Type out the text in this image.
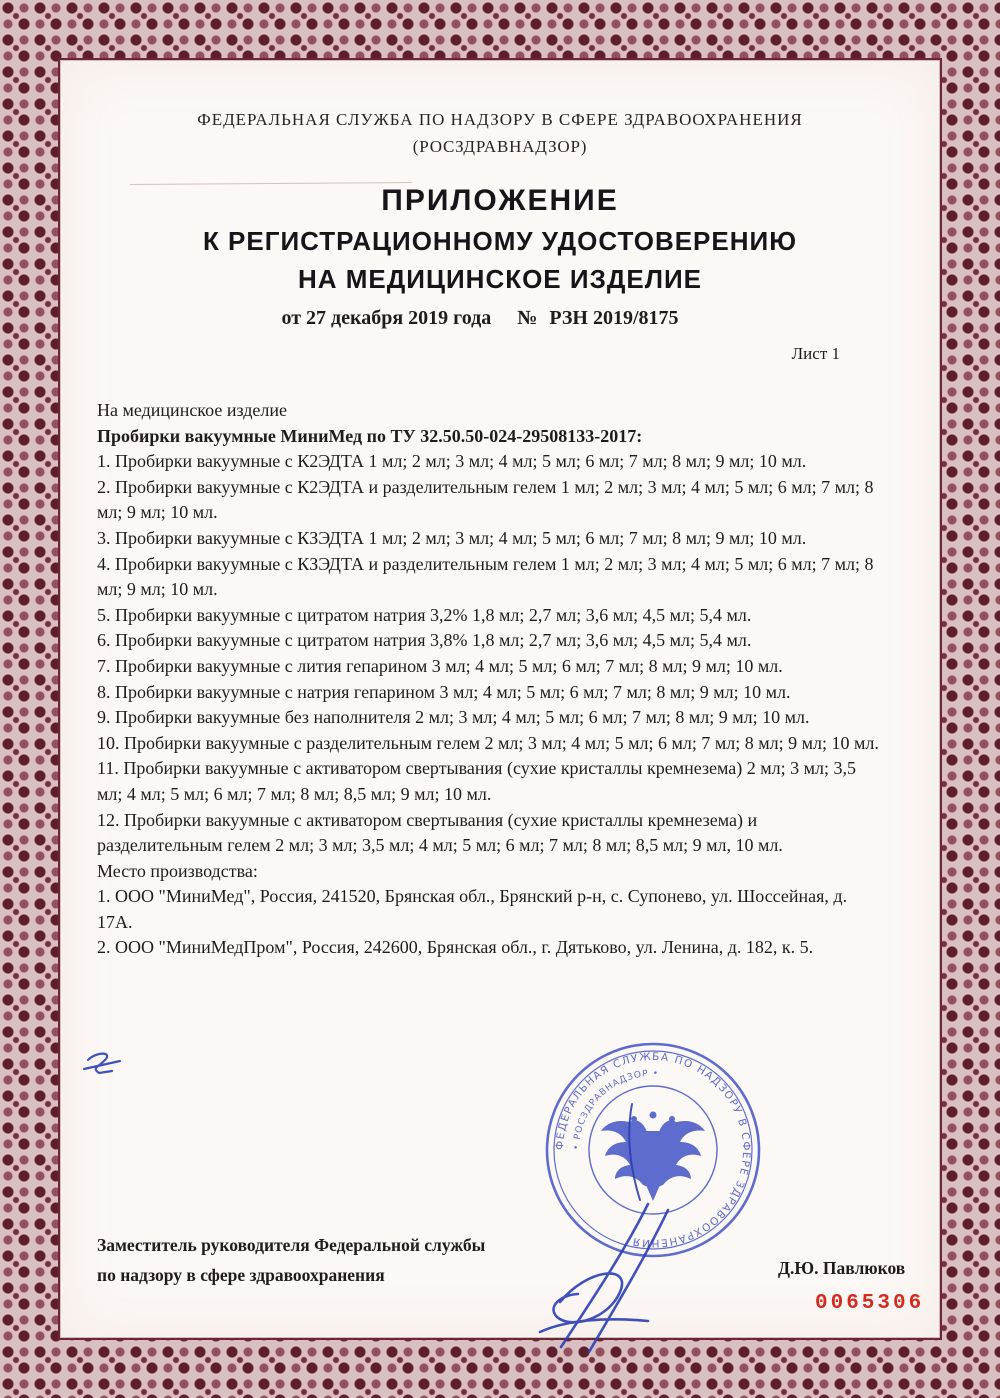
ФЕДЕРАЛЬНАЯ СЛУЖБА ПО НАДЗОРУ В СФЕРЕ ЗДРАВООХРАНЕНИЯ
(РОСЗДРАВНАДЗОР)
ПРИЛОЖЕНИЕ
К РЕГИСТРАЦИОННОМУ УДОСТОВЕРЕНИЮ
НА МЕДИЦИНСКОЕ ИЗДЕЛИЕ
от 27 декабря 2019 года № РЗН 2019/8175
Лист 1
На медицинское изделие
Пробирки вакуумные МиниМед по ТУ 32.50.50-024-29508133-2017:
1. Пробирки вакуумные с К2ЭДТА 1 мл; 2 мл; 3 мл; 4 мл; 5 мл; 6 мл; 7 мл; 8 мл; 9 мл; 10 мл.
2. Пробирки вакуумные с К2ЭДТА и разделительным гелем 1 мл; 2 мл; 3 мл; 4 мл; 5 мл; 6 мл; 7 мл; 8 мл; 9 мл; 10 мл.
3. Пробирки вакуумные с КЗЭДТА 1 мл; 2 мл; 3 мл; 4 мл; 5 мл; 6 мл; 7 мл; 8 мл; 9 мл; 10 мл.
4. Пробирки вакуумные с КЗЭДТА и разделительным гелем 1 мл; 2 мл; 3 мл; 4 мл; 5 мл; 6 мл; 7 мл; 8 мл; 9 мл; 10 мл.
5. Пробирки вакуумные с цитратом натрия 3,2% 1,8 мл; 2,7 мл; 3,6 мл; 4,5 мл; 5,4 мл.
6. Пробирки вакуумные с цитратом натрия 3,8% 1,8 мл; 2,7 мл; 3,6 мл; 4,5 мл; 5,4 мл.
7. Пробирки вакуумные с лития гепарином 3 мл; 4 мл; 5 мл; 6 мл; 7 мл; 8 мл; 9 мл; 10 мл.
8. Пробирки вакуумные с натрия гепарином 3 мл; 4 мл; 5 мл; 6 мл; 7 мл; 8 мл; 9 мл; 10 мл.
9. Пробирки вакуумные без наполнителя 2 мл; 3 мл; 4 мл; 5 мл; 6 мл; 7 мл; 8 мл; 9 мл; 10 мл.
10. Пробирки вакуумные с разделительным гелем 2 мл; 3 мл; 4 мл; 5 мл; 6 мл; 7 мл; 8 мл; 9 мл; 10 мл.
11. Пробирки вакуумные с активатором свертывания (сухие кристаллы кремнезема) 2 мл; 3 мл; 3,5 мл; 4 мл; 5 мл; 6 мл; 7 мл; 8 мл; 8,5 мл; 9 мл; 10 мл.
12. Пробирки вакуумные с активатором свертывания (сухие кристаллы кремнезема) и разделительным гелем 2 мл; 3 мл; 3,5 мл; 4 мл; 5 мл; 6 мл; 7 мл; 8 мл; 8,5 мл; 9 мл, 10 мл.
Место производства:
1. ООО "МиниМед", Россия, 241520, Брянская обл., Брянский р-н, с. Супонево, ул. Шоссейная, д. 17А.
2. ООО "МиниМедПром", Россия, 242600, Брянская обл., г. Дятьково, ул. Ленина, д. 182, к. 5.
Заместитель руководителя Федеральной службы
по надзору в сфере здравоохранения	Д.Ю. Павлюков
0065306
ФЕДЕРАЛЬНАЯ СЛУЖБА ПО НАДЗОРУ В СФЕРЕ ЗДРАВООХРАНЕНИЯ
• РОСЗДРАВНАДЗОР •
